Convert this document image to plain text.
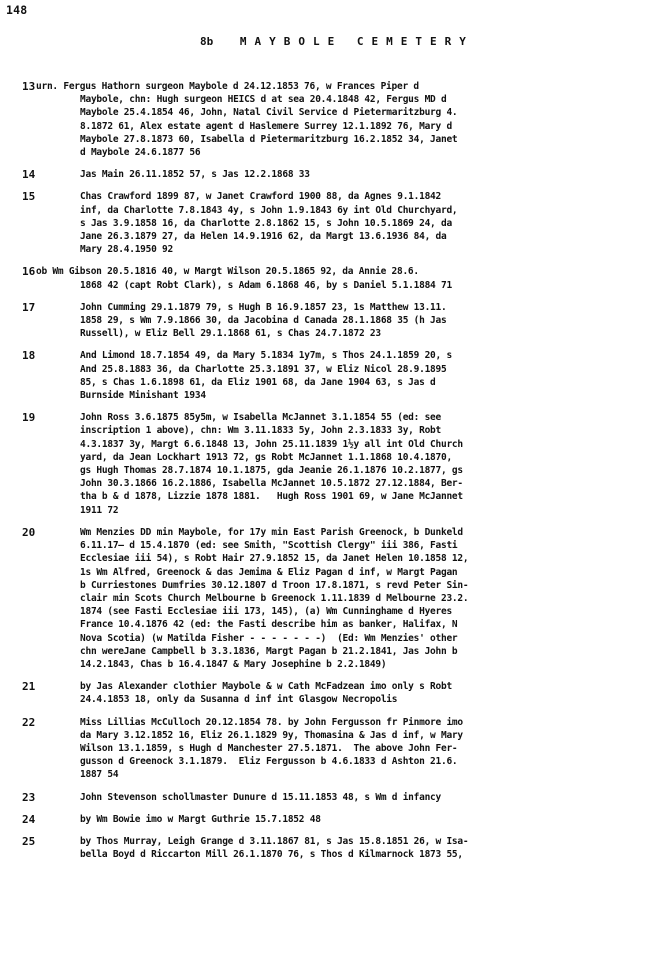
148
8b MAYBOLE CEMETERY
13 urn. Fergus Hathorn surgeon Maybole d 24.12.1853 76, w Frances Piper d
Maybole, chn: Hugh surgeon HEICS d at sea 20.4.1848 42, Fergus MD d
Maybole 25.4.1854 46, John, Natal Civil Service d Pietermaritzburg 4.
8.1872 61, Alex estate agent d Haslemere Surrey 12.1.1892 76, Mary d
Maybole 27.8.1873 60, Isabella d Pietermaritzburg 16.2.1852 34, Janet
d Maybole 24.6.1877 56
14	Jas Main 26.11.1852 57, s Jas 12.2.1868 33
15	Chas Crawford 1899 87, w Janet Crawford 1900 88, da Agnes 9.1.1842
inf, da Charlotte 7.8.1843 4y, s John 1.9.1843 6y int Old Churchyard,
s Jas 3.9.1858 16, da Charlotte 2.8.1862 15, s John 10.5.1869 24, da
Jane 26.3.1879 27, da Helen 14.9.1916 62, da Margt 13.6.1936 84, da
Mary 28.4.1950 92
16 ob Wm Gibson 20.5.1816 40, w Margt Wilson 20.5.1865 92, da Annie 28.6.
1868 42 (capt Robt Clark), s Adam 6.1868 46, by s Daniel 5.1.1884 71
17	John Cumming 29.1.1879 79, s Hugh B 16.9.1857 23, 1s Matthew 13.11.
1858 29, s Wm 7.9.1866 30, da Jacobina d Canada 28.1.1868 35 (h Jas
Russell), w Eliz Bell 29.1.1868 61, s Chas 24.7.1872 23
18	And Limond 18.7.1854 49, da Mary 5.1834 1y7m, s Thos 24.1.1859 20, s
And 25.8.1883 36, da Charlotte 25.3.1891 37, w Eliz Nicol 28.9.1895
85, s Chas 1.6.1898 61, da Eliz 1901 68, da Jane 1904 63, s Jas d
Burnside Minishant 1934
19	John Ross 3.6.1875 85y5m, w Isabella McJannet 3.1.1854 55 (ed: see
inscription 1 above), chn: Wm 3.11.1833 5y, John 2.3.1833 3y, Robt
4.3.1837 3y, Margt 6.6.1848 13, John 25.11.1839 1½y all int Old Church
yard, da Jean Lockhart 1913 72, gs Robt McJannet 1.1.1868 10.4.1870,
gs Hugh Thomas 28.7.1874 10.1.1875, gda Jeanie 26.1.1876 10.2.1877, gs
John 30.3.1866 16.2.1886, Isabella McJannet 10.5.1872 27.12.1884, Ber-
tha b & d 1878, Lizzie 1878 1881.   Hugh Ross 1901 69, w Jane McJannet
1911 72
20	Wm Menzies DD min Maybole, for 17y min East Parish Greenock, b Dunkeld
6.11.17— d 15.4.1870 (ed: see Smith, "Scottish Clergy" iii 386, Fasti
Ecclesiae iii 54), s Robt Hair 27.9.1852 15, da Janet Helen 10.1858 12,
1s Wm Alfred, Greenock & das Jemima & Eliz Pagan d inf, w Margt Pagan
b Curriestones Dumfries 30.12.1807 d Troon 17.8.1871, s revd Peter Sin-
clair min Scots Church Melbourne b Greenock 1.11.1839 d Melbourne 23.2.
1874 (see Fasti Ecclesiae iii 173, 145), (a) Wm Cunninghame d Hyeres
France 10.4.1876 42 (ed: the Fasti describe him as banker, Halifax, N
Nova Scotia) (w Matilda Fisher - - - - - - -)  (Ed: Wm Menzies' other
chn wereJane Campbell b 3.3.1836, Margt Pagan b 21.2.1841, Jas John b
14.2.1843, Chas b 16.4.1847 & Mary Josephine b 2.2.1849)
21	by Jas Alexander clothier Maybole & w Cath McFadzean imo only s Robt
24.4.1853 18, only da Susanna d inf int Glasgow Necropolis
22	Miss Lillias McCulloch 20.12.1854 78. by John Fergusson fr Pinmore imo
da Mary 3.12.1852 16, Eliz 26.1.1829 9y, Thomasina & Jas d inf, w Mary
Wilson 13.1.1859, s Hugh d Manchester 27.5.1871.  The above John Fer-
gusson d Greenock 3.1.1879.  Eliz Fergusson b 4.6.1833 d Ashton 21.6.
1887 54
23	John Stevenson schollmaster Dunure d 15.11.1853 48, s Wm d infancy
24	by Wm Bowie imo w Margt Guthrie 15.7.1852 48
25	by Thos Murray, Leigh Grange d 3.11.1867 81, s Jas 15.8.1851 26, w Isa-
bella Boyd d Riccarton Mill 26.1.1870 76, s Thos d Kilmarnock 1873 55,
